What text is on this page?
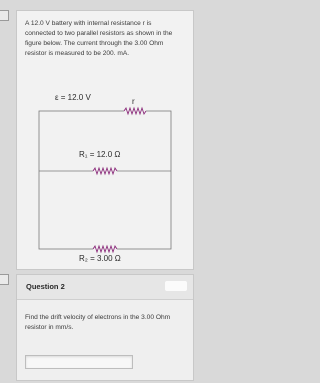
A 12.0 V battery with internal resistance r is connected to two parallel resistors as shown in the figure below. The current through the 3.00 Ohm resistor is measured to be 200. mA.
ε = 12.0 V	r
R₁ = 12.0 Ω
R₂ = 3.00 Ω
Question 2
Find the drift velocity of electrons in the 3.00 Ohm resistor in mm/s.
